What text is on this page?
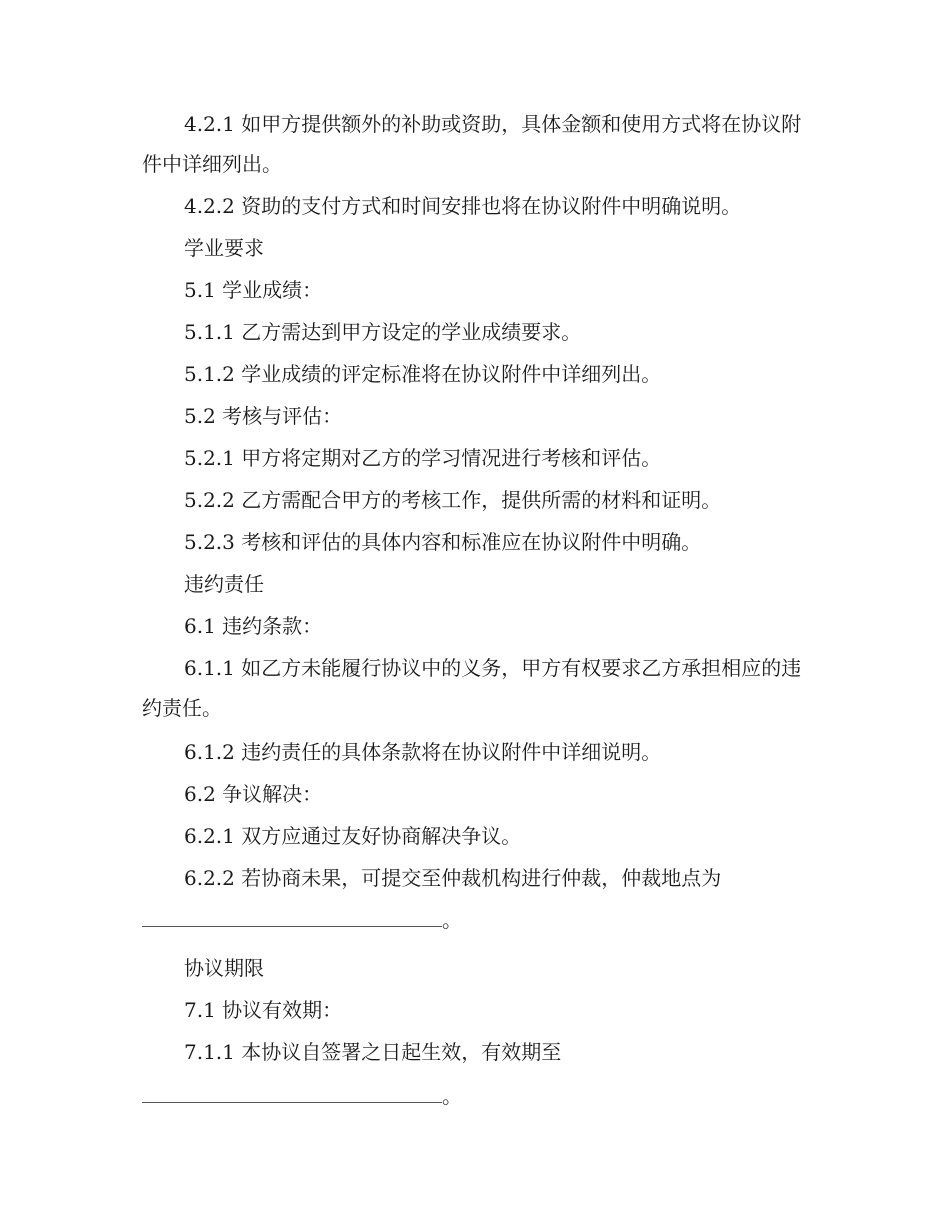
4.2.1 如甲方提供额外的补助或资助，具体金额和使用方式将在协议附件中详细列出。

4.2.2 资助的支付方式和时间安排也将在协议附件中明确说明。

学业要求

5.1 学业成绩：

5.1.1 乙方需达到甲方设定的学业成绩要求。

5.1.2 学业成绩的评定标准将在协议附件中详细列出。

5.2 考核与评估：

5.2.1 甲方将定期对乙方的学习情况进行考核和评估。

5.2.2 乙方需配合甲方的考核工作，提供所需的材料和证明。

5.2.3 考核和评估的具体内容和标准应在协议附件中明确。

违约责任

6.1 违约条款：

6.1.1 如乙方未能履行协议中的义务，甲方有权要求乙方承担相应的违约责任。

6.1.2 违约责任的具体条款将在协议附件中详细说明。

6.2 争议解决：

6.2.1 双方应通过友好协商解决争议。

6.2.2 若协商未果，可提交至仲裁机构进行仲裁，仲裁地点为

。

协议期限

7.1 协议有效期：

7.1.1 本协议自签署之日起生效，有效期至

。
